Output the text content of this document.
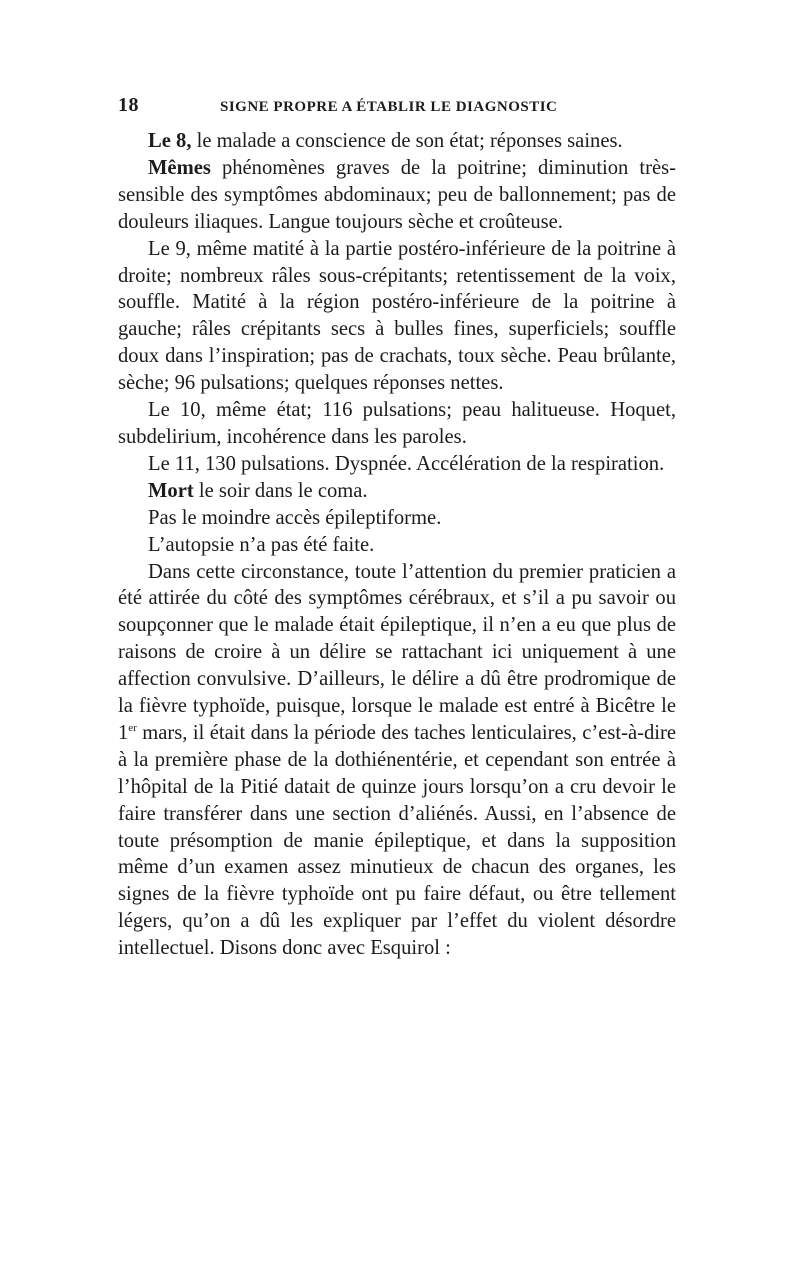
18	SIGNE PROPRE A ÉTABLIR LE DIAGNOSTIC

Le 8, le malade a conscience de son état; réponses saines.

Mêmes phénomènes graves de la poitrine; diminution très-sensible des symptômes abdominaux; peu de ballonnement; pas de douleurs iliaques. Langue toujours sèche et croûteuse.

Le 9, même matité à la partie postéro-inférieure de la poitrine à droite; nombreux râles sous-crépitants; retentissement de la voix, souffle. Matité à la région postéro-inférieure de la poitrine à gauche; râles crépitants secs à bulles fines, superficiels; souffle doux dans l’inspiration; pas de crachats, toux sèche. Peau brûlante, sèche; 96 pulsations; quelques réponses nettes.

Le 10, même état; 116 pulsations; peau halitueuse. Hoquet, subdelirium, incohérence dans les paroles.

Le 11, 130 pulsations. Dyspnée. Accélération de la respiration.

Mort le soir dans le coma.

Pas le moindre accès épileptiforme.

L’autopsie n’a pas été faite.

Dans cette circonstance, toute l’attention du premier praticien a été attirée du côté des symptômes cérébraux, et s’il a pu savoir ou soupçonner que le malade était épileptique, il n’en a eu que plus de raisons de croire à un délire se rattachant ici uniquement à une affection convulsive. D’ailleurs, le délire a dû être prodromique de la fièvre typhoïde, puisque, lorsque le malade est entré à Bicêtre le 1er mars, il était dans la période des taches lenticulaires, c’est-à-dire à la première phase de la dothiénentérie, et cependant son entrée à l’hôpital de la Pitié datait de quinze jours lorsqu’on a cru devoir le faire transférer dans une section d’aliénés. Aussi, en l’absence de toute présomption de manie épileptique, et dans la supposition même d’un examen assez minutieux de chacun des organes, les signes de la fièvre typhoïde ont pu faire défaut, ou être tellement légers, qu’on a dû les expliquer par l’effet du violent désordre intellectuel. Disons donc avec Esquirol :
